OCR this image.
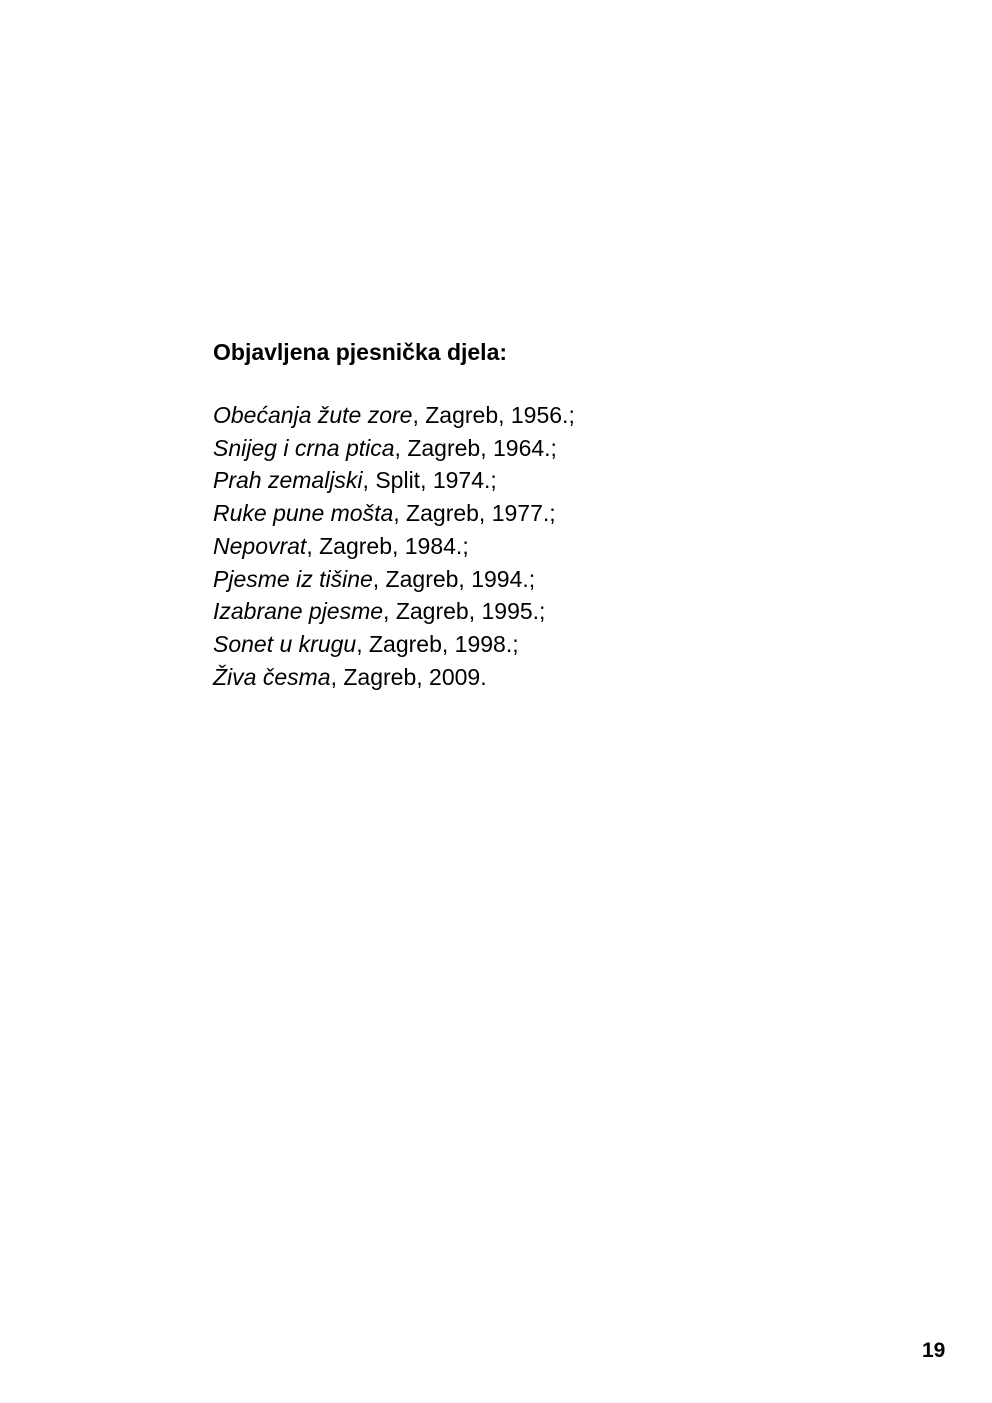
Objavljena pjesnička djela:
Obećanja žute zore, Zagreb, 1956.;
Snijeg i crna ptica, Zagreb, 1964.;
Prah zemaljski, Split, 1974.;
Ruke pune mošta, Zagreb, 1977.;
Nepovrat, Zagreb, 1984.;
Pjesme iz tišine, Zagreb, 1994.;
Izabrane pjesme, Zagreb, 1995.;
Sonet u krugu, Zagreb, 1998.;
Živa česma, Zagreb, 2009.
19
